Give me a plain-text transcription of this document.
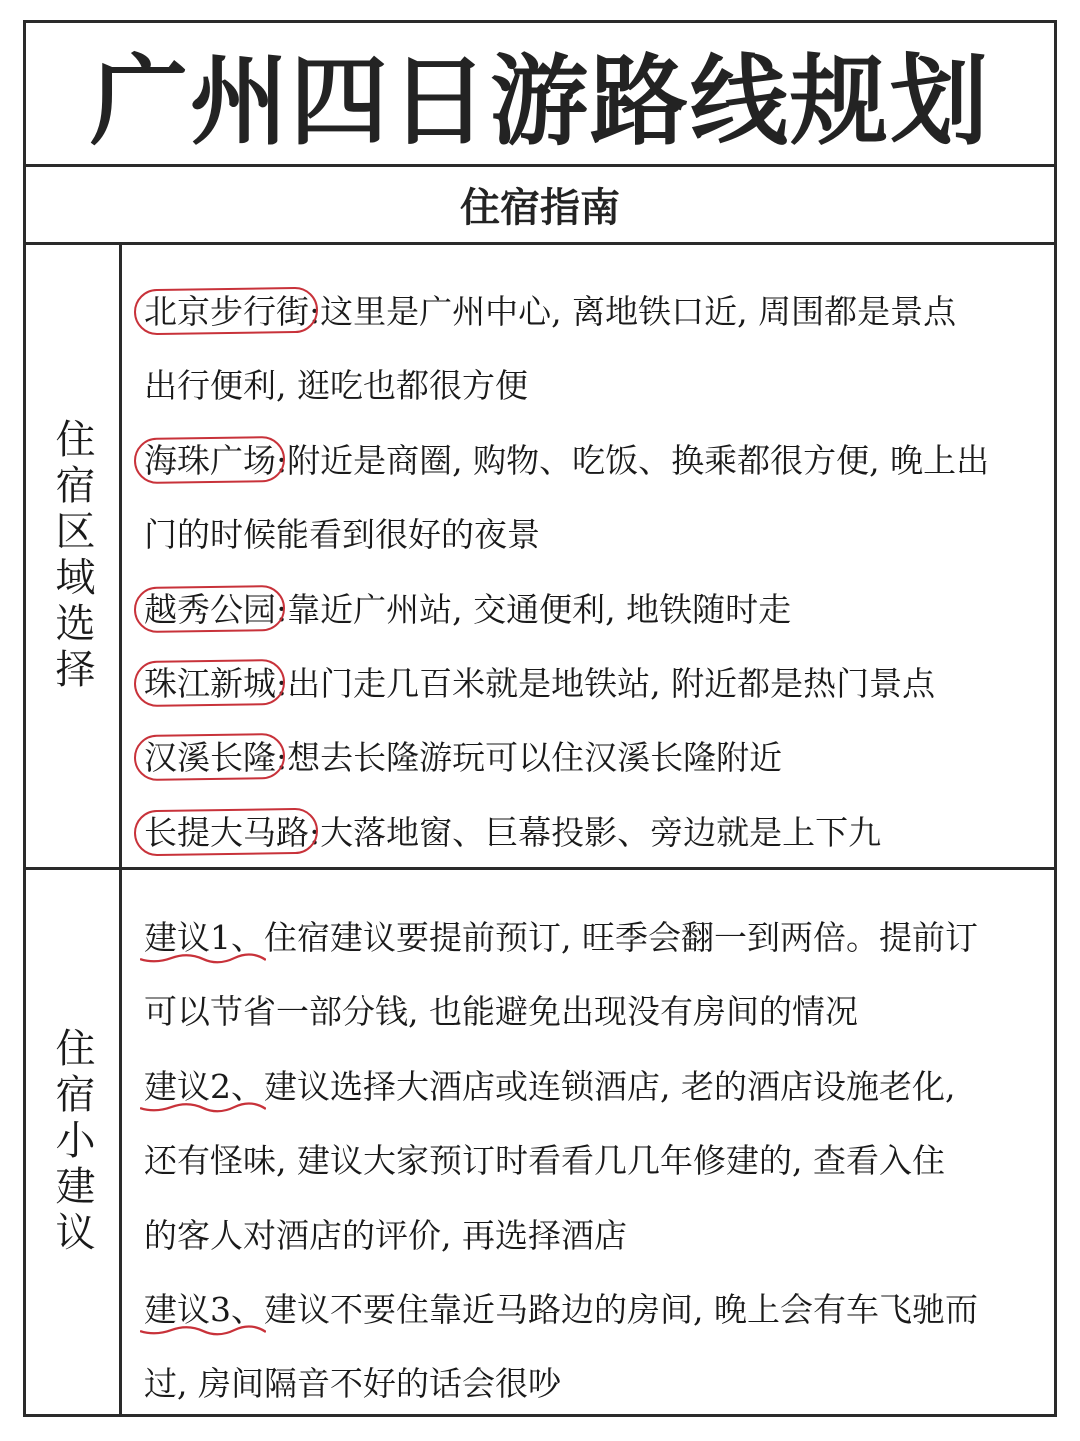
广州四日游路线规划
住宿指南
住宿区域选择
北京步行街:
这里是广州中心, 离地铁口近, 周围都是景点
出行便利, 逛吃也都很方便
海珠广场:
附近是商圈, 购物、吃饭、换乘都很方便, 晚上出
门的时候能看到很好的夜景
越秀公园:
靠近广州站, 交通便利, 地铁随时走
珠江新城:
出门走几百米就是地铁站, 附近都是热门景点
汉溪长隆:
想去长隆游玩可以住汉溪长隆附近
长提大马路:
大落地窗、巨幕投影、旁边就是上下九
住宿小建议
建议1、
住宿建议要提前预订, 旺季会翻一到两倍。提前订
可以节省一部分钱, 也能避免出现没有房间的情况
建议2、
建议选择大酒店或连锁酒店, 老的酒店设施老化,
还有怪味, 建议大家预订时看看几几年修建的, 查看入住
的客人对酒店的评价, 再选择酒店
建议3、
建议不要住靠近马路边的房间, 晚上会有车飞驰而
过, 房间隔音不好的话会很吵
